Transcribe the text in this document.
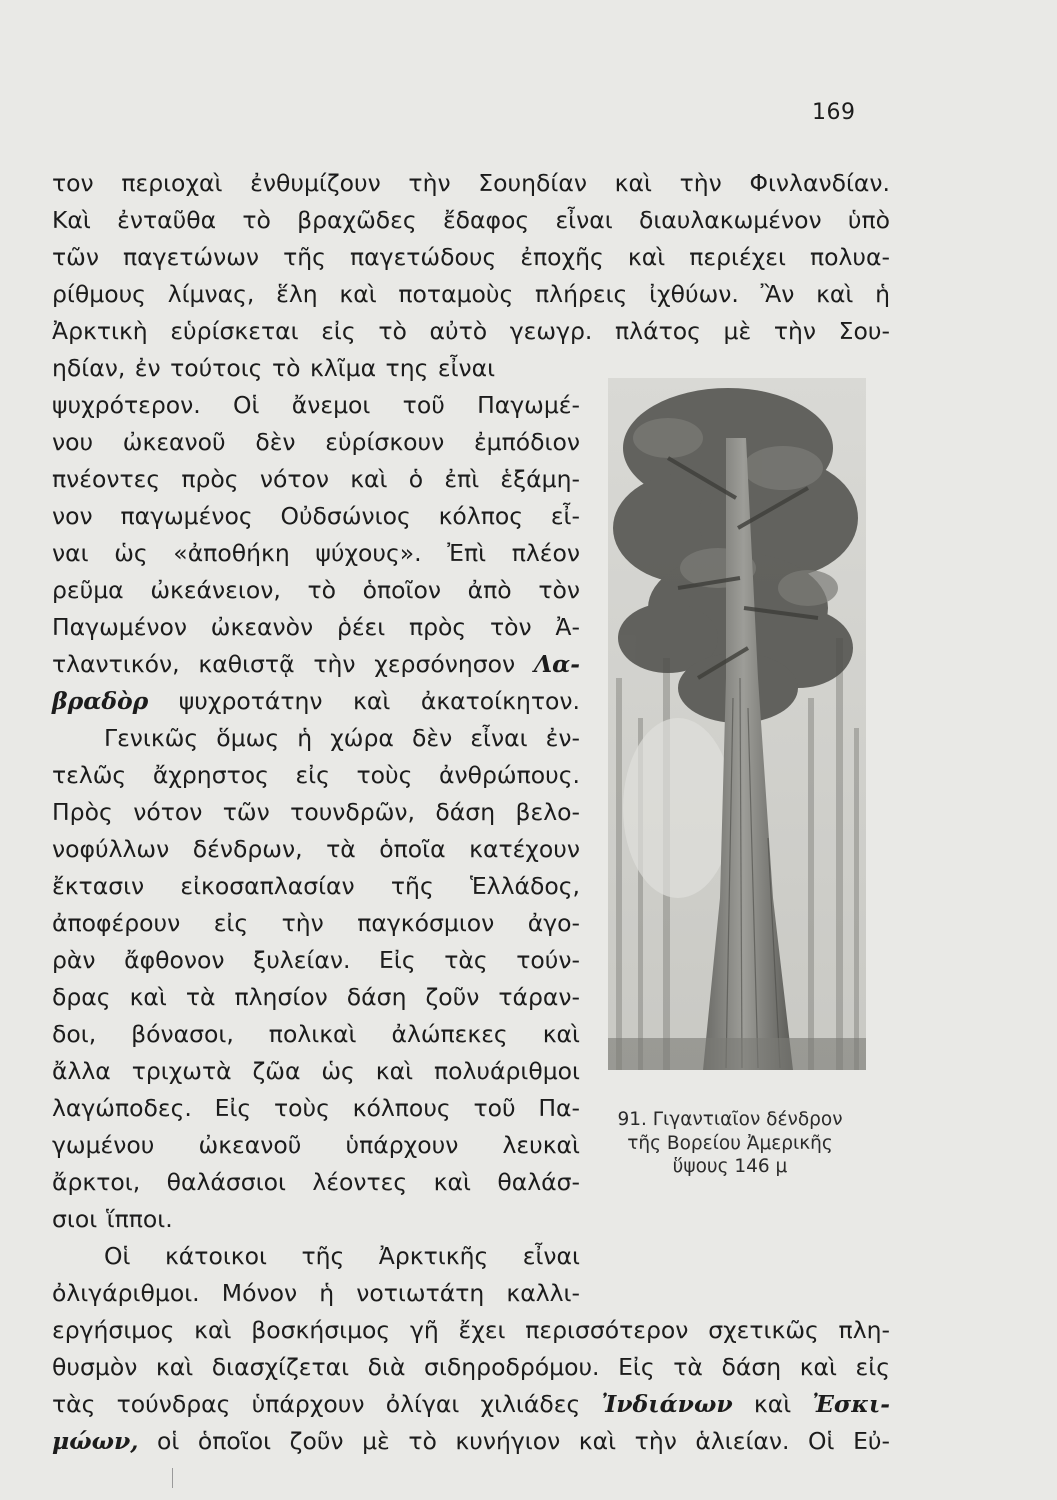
169
τον περιοχαὶ ἐνθυμίζουν τὴν Σουηδίαν καὶ τὴν Φινλανδίαν.
Καὶ ἐνταῦθα τὸ βραχῶδες ἔδαφος εἶναι διαυλακωμένον ὑπὸ
τῶν παγετώνων τῆς παγετώδους ἐποχῆς καὶ περιέχει πολυα-
ρίθμους λίμνας, ἕλη καὶ ποταμοὺς πλήρεις ἰχθύων. Ἂν καὶ ἡ
Ἀρκτικὴ εὑρίσκεται εἰς τὸ αὐτὸ γεωγρ. πλάτος μὲ τὴν Σου-
ηδίαν, ἐν τούτοις τὸ κλῖμα της εἶναι
ψυχρότερον. Οἱ ἄνεμοι τοῦ Παγωμέ-
νου ὠκεανοῦ δὲν εὑρίσκουν ἐμπόδιον
πνέοντες πρὸς νότον καὶ ὁ ἐπὶ ἑξάμη-
νον παγωμένος Οὐδσώνιος κόλπος εἶ-
ναι ὡς «ἀποθήκη ψύχους». Ἐπὶ πλέον
ρεῦμα ὠκεάνειον, τὸ ὁποῖον ἀπὸ τὸν
Παγωμένον ὠκεανὸν ῥέει πρὸς τὸν Ἀ-
τλαντικόν, καθιστᾷ τὴν χερσόνησον Λα-
βραδὸρ ψυχροτάτην καὶ ἀκατοίκητον.
Γενικῶς ὅμως ἡ χώρα δὲν εἶναι ἐν-
τελῶς ἄχρηστος εἰς τοὺς ἀνθρώπους.
Πρὸς νότον τῶν τουνδρῶν, δάση βελο-
νοφύλλων δένδρων, τὰ ὁποῖα κατέχουν
ἔκτασιν εἰκοσαπλασίαν τῆς Ἑλλάδος,
ἀποφέρουν εἰς τὴν παγκόσμιον ἀγο-
ρὰν ἄφθονον ξυλείαν. Εἰς τὰς τούν-
δρας καὶ τὰ πλησίον δάση ζοῦν τάραν-
δοι, βόνασοι, πολικαὶ ἀλώπεκες καὶ
ἄλλα τριχωτὰ ζῶα ὡς καὶ πολυάριθμοι
λαγώποδες. Εἰς τοὺς κόλπους τοῦ Πα-
γωμένου ὠκεανοῦ ὑπάρχουν λευκαὶ
ἄρκτοι, θαλάσσιοι λέοντες καὶ θαλάσ-
σιοι ἵπποι.
Οἱ κάτοικοι τῆς Ἀρκτικῆς εἶναι
ὀλιγάριθμοι. Μόνον ἡ νοτιωτάτη καλλι-
εργήσιμος καὶ βοσκήσιμος γῆ ἔχει περισσότερον σχετικῶς πλη-
θυσμὸν καὶ διασχίζεται διὰ σιδηροδρόμου. Εἰς τὰ δάση καὶ εἰς
τὰς τούνδρας ὑπάρχουν ὀλίγαι χιλιάδες Ἰνδιάνων καὶ Ἐσκι-
μώων, οἱ ὁποῖοι ζοῦν μὲ τὸ κυνήγιον καὶ τὴν ἁλιείαν. Οἱ Εὐ-
91. Γιγαντιαῖον δένδρον
τῆς Βορείου Ἀμερικῆς
ὕψους 146 μ
